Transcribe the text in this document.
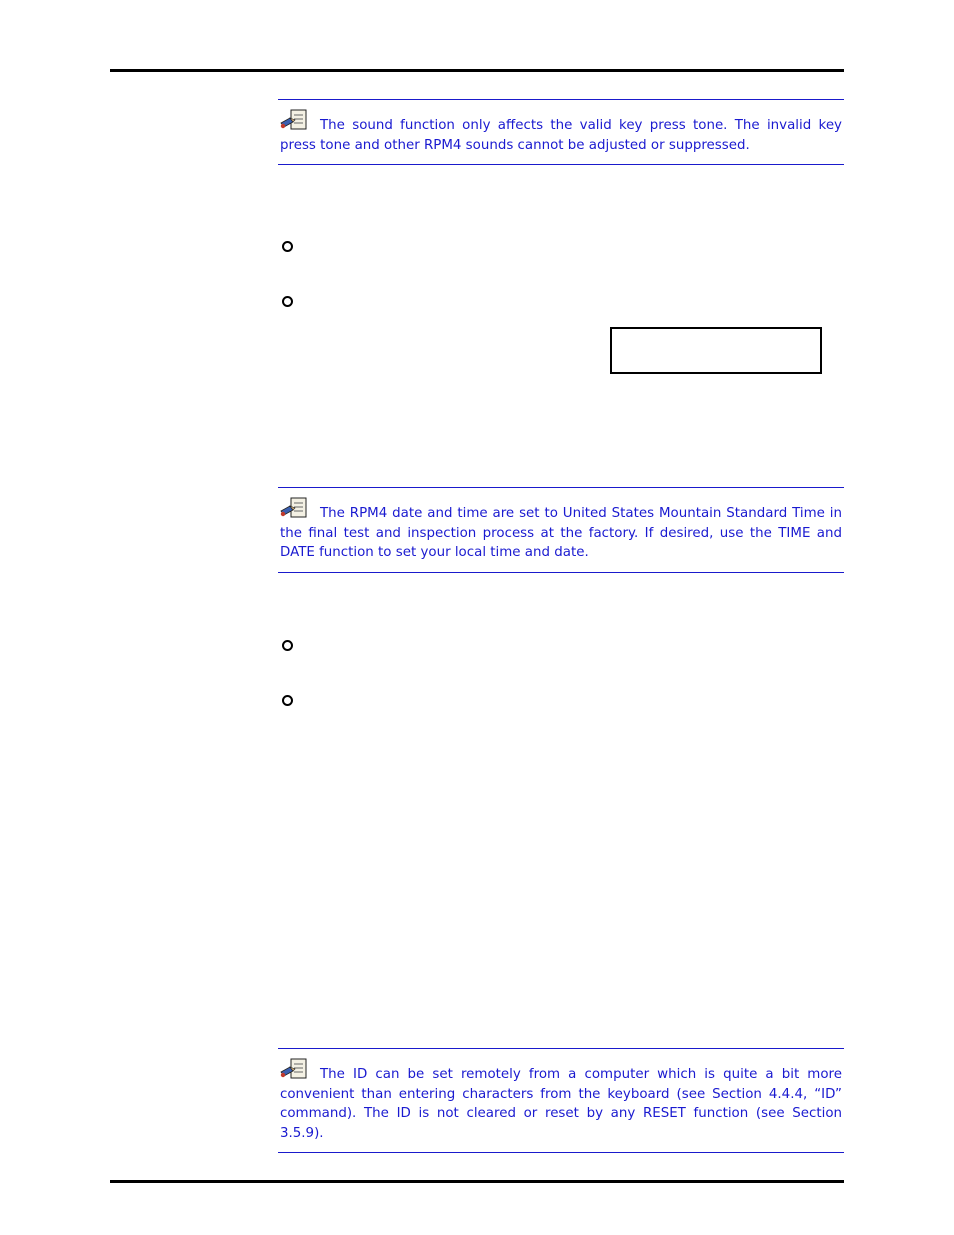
The sound function only affects the valid key press tone. The invalid key press tone and other RPM4 sounds cannot be adjusted or suppressed.
The RPM4 date and time are set to United States Mountain Standard Time in the final test and inspection process at the factory. If desired, use the TIME and DATE function to set your local time and date.
The ID can be set remotely from a computer which is quite a bit more convenient than entering characters from the keyboard (see Section 4.4.4, “ID” command). The ID is not cleared or reset by any RESET function (see Section 3.5.9).
